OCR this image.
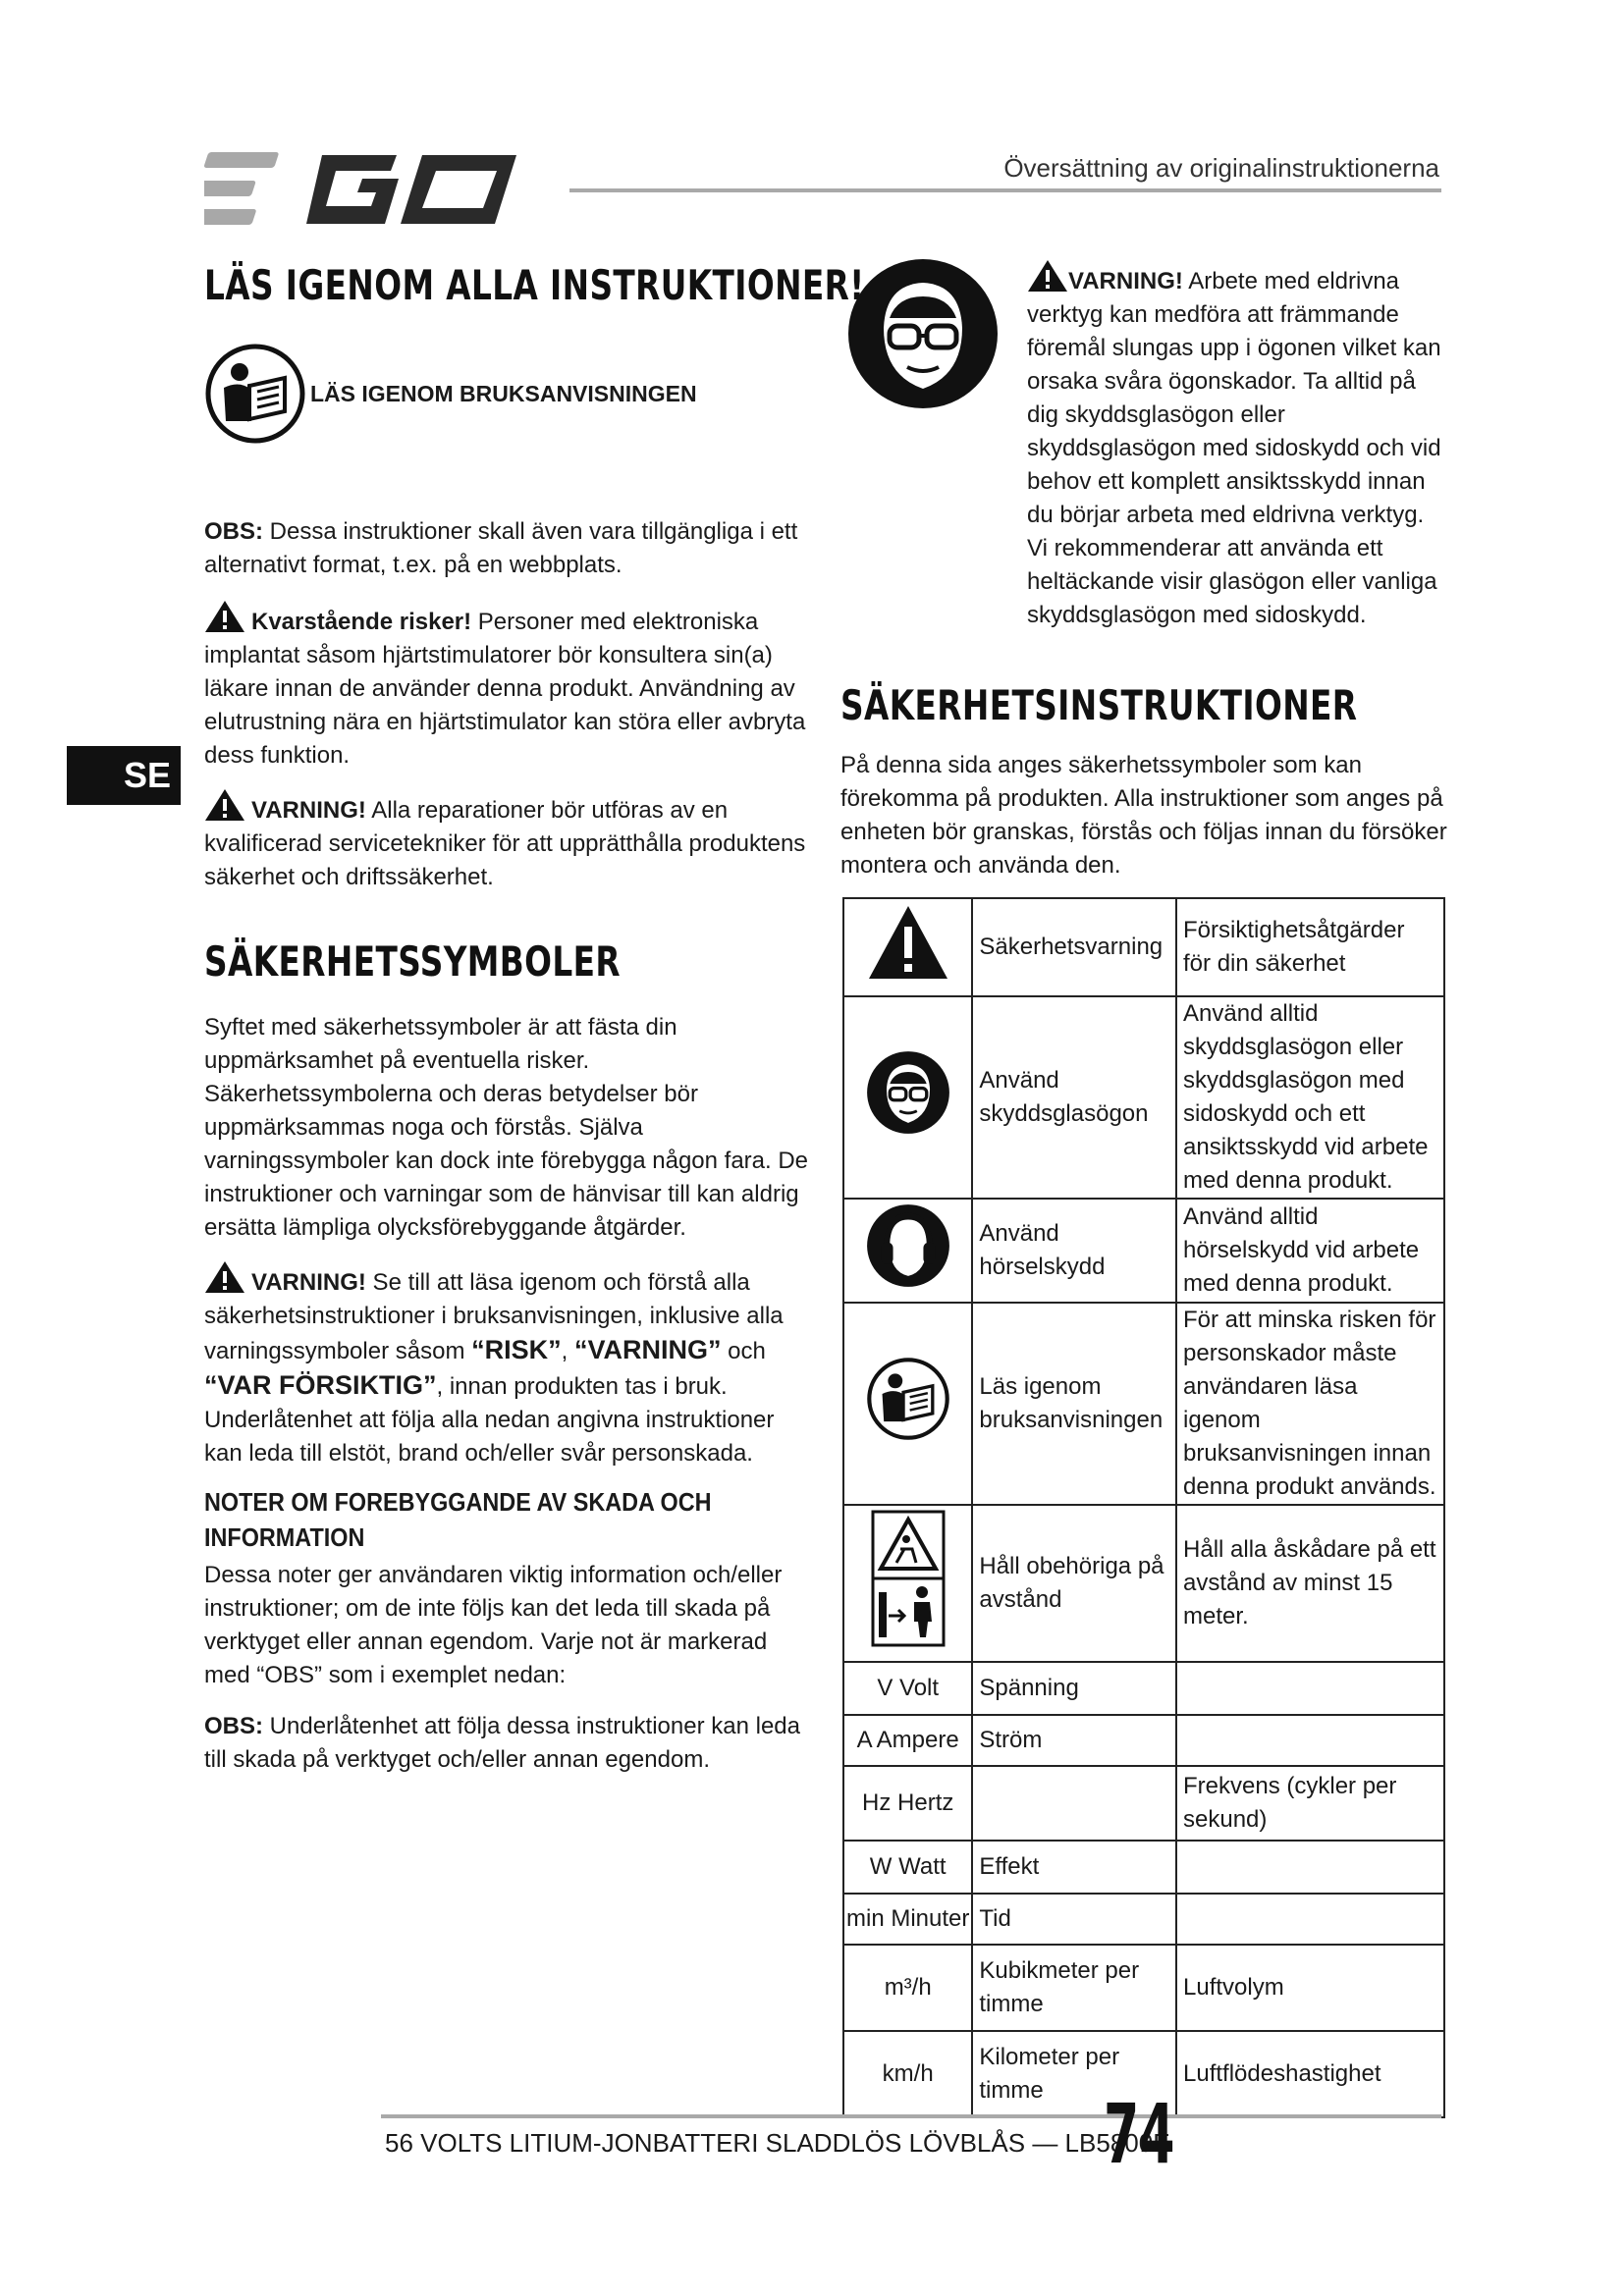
EGO
Översättning av originalinstruktionerna
SE
LÄS IGENOM ALLA INSTRUKTIONER!
LÄS IGENOM BRUKSANVISNINGEN

OBS: Dessa instruktioner skall även vara tillgängliga i ett alternativt format, t.ex. på en webbplats.

Kvarstående risker! Personer med elektroniska implantat såsom hjärtstimulatorer bör konsultera sin(a) läkare innan de använder denna produkt. Användning av elutrustning nära en hjärtstimulator kan störa eller avbryta dess funktion.

VARNING! Alla reparationer bör utföras av en kvalificerad servicetekniker för att upprätthålla produktens säkerhet och driftssäkerhet.

SÄKERHETSSYMBOLER

Syftet med säkerhetssymboler är att fästa din uppmärksamhet på eventuella risker. Säkerhetssymbolerna och deras betydelser bör uppmärksammas noga och förstås. Själva varningssymboler kan dock inte förebygga någon fara. De instruktioner och varningar som de hänvisar till kan aldrig ersätta lämpliga olycksförebyggande åtgärder.

VARNING! Se till att läsa igenom och förstå alla säkerhetsinstruktioner i bruksanvisningen, inklusive alla varningssymboler såsom “RISK”, “VARNING” och “VAR FÖRSIKTIG”, innan produkten tas i bruk. Underlåtenhet att följa alla nedan angivna instruktioner kan leda till elstöt, brand och/eller svår personskada.

NOTER OM FOREBYGGANDE AV SKADA OCH INFORMATION

Dessa noter ger användaren viktig information och/eller instruktioner; om de inte följs kan det leda till skada på verktyget eller annan egendom. Varje not är markerad med “OBS” som i exemplet nedan:

OBS: Underlåtenhet att följa dessa instruktioner kan leda till skada på verktyget och/eller annan egendom.

VARNING! Arbete med eldrivna verktyg kan medföra att främmande föremål slungas upp i ögonen vilket kan orsaka svåra ögonskador. Ta alltid på dig skyddsglasögon eller skyddsglasögon med sidoskydd och vid behov ett komplett ansiktsskydd innan du börjar arbeta med eldrivna verktyg. Vi rekommenderar att använda ett heltäckande visir glasögon eller vanliga skyddsglasögon med sidoskydd.

SÄKERHETSINSTRUKTIONER

På denna sida anges säkerhetssymboler som kan förekomma på produkten. Alla instruktioner som anges på enheten bör granskas, förstås och följas innan du försöker montera och använda den.

	Säkerhetsvarning	Försiktighetsåtgärder för din säkerhet
	Använd skyddsglasögon	Använd alltid skyddsglasögon eller skyddsglasögon med sidoskydd och ett ansiktsskydd vid arbete med denna produkt.
	Använd hörselskydd	Använd alltid hörselskydd vid arbete med denna produkt.
	Läs igenom bruksanvisningen	För att minska risken för personskador måste användaren läsa igenom bruksanvisningen innan denna produkt används.
	Håll obehöriga på avstånd	Håll alla åskådare på ett avstånd av minst 15 meter.
V Volt	Spänning	
A Ampere	Ström	
Hz Hertz		Frekvens (cykler per sekund)
W Watt	Effekt	
min Minuter	Tid	
m³/h	Kubikmeter per timme	Luftvolym
km/h	Kilometer per timme	Luftflödeshastighet
56 VOLTS LITIUM-JONBATTERI SLADDLÖS LÖVBLÅS — LB5800E
74
